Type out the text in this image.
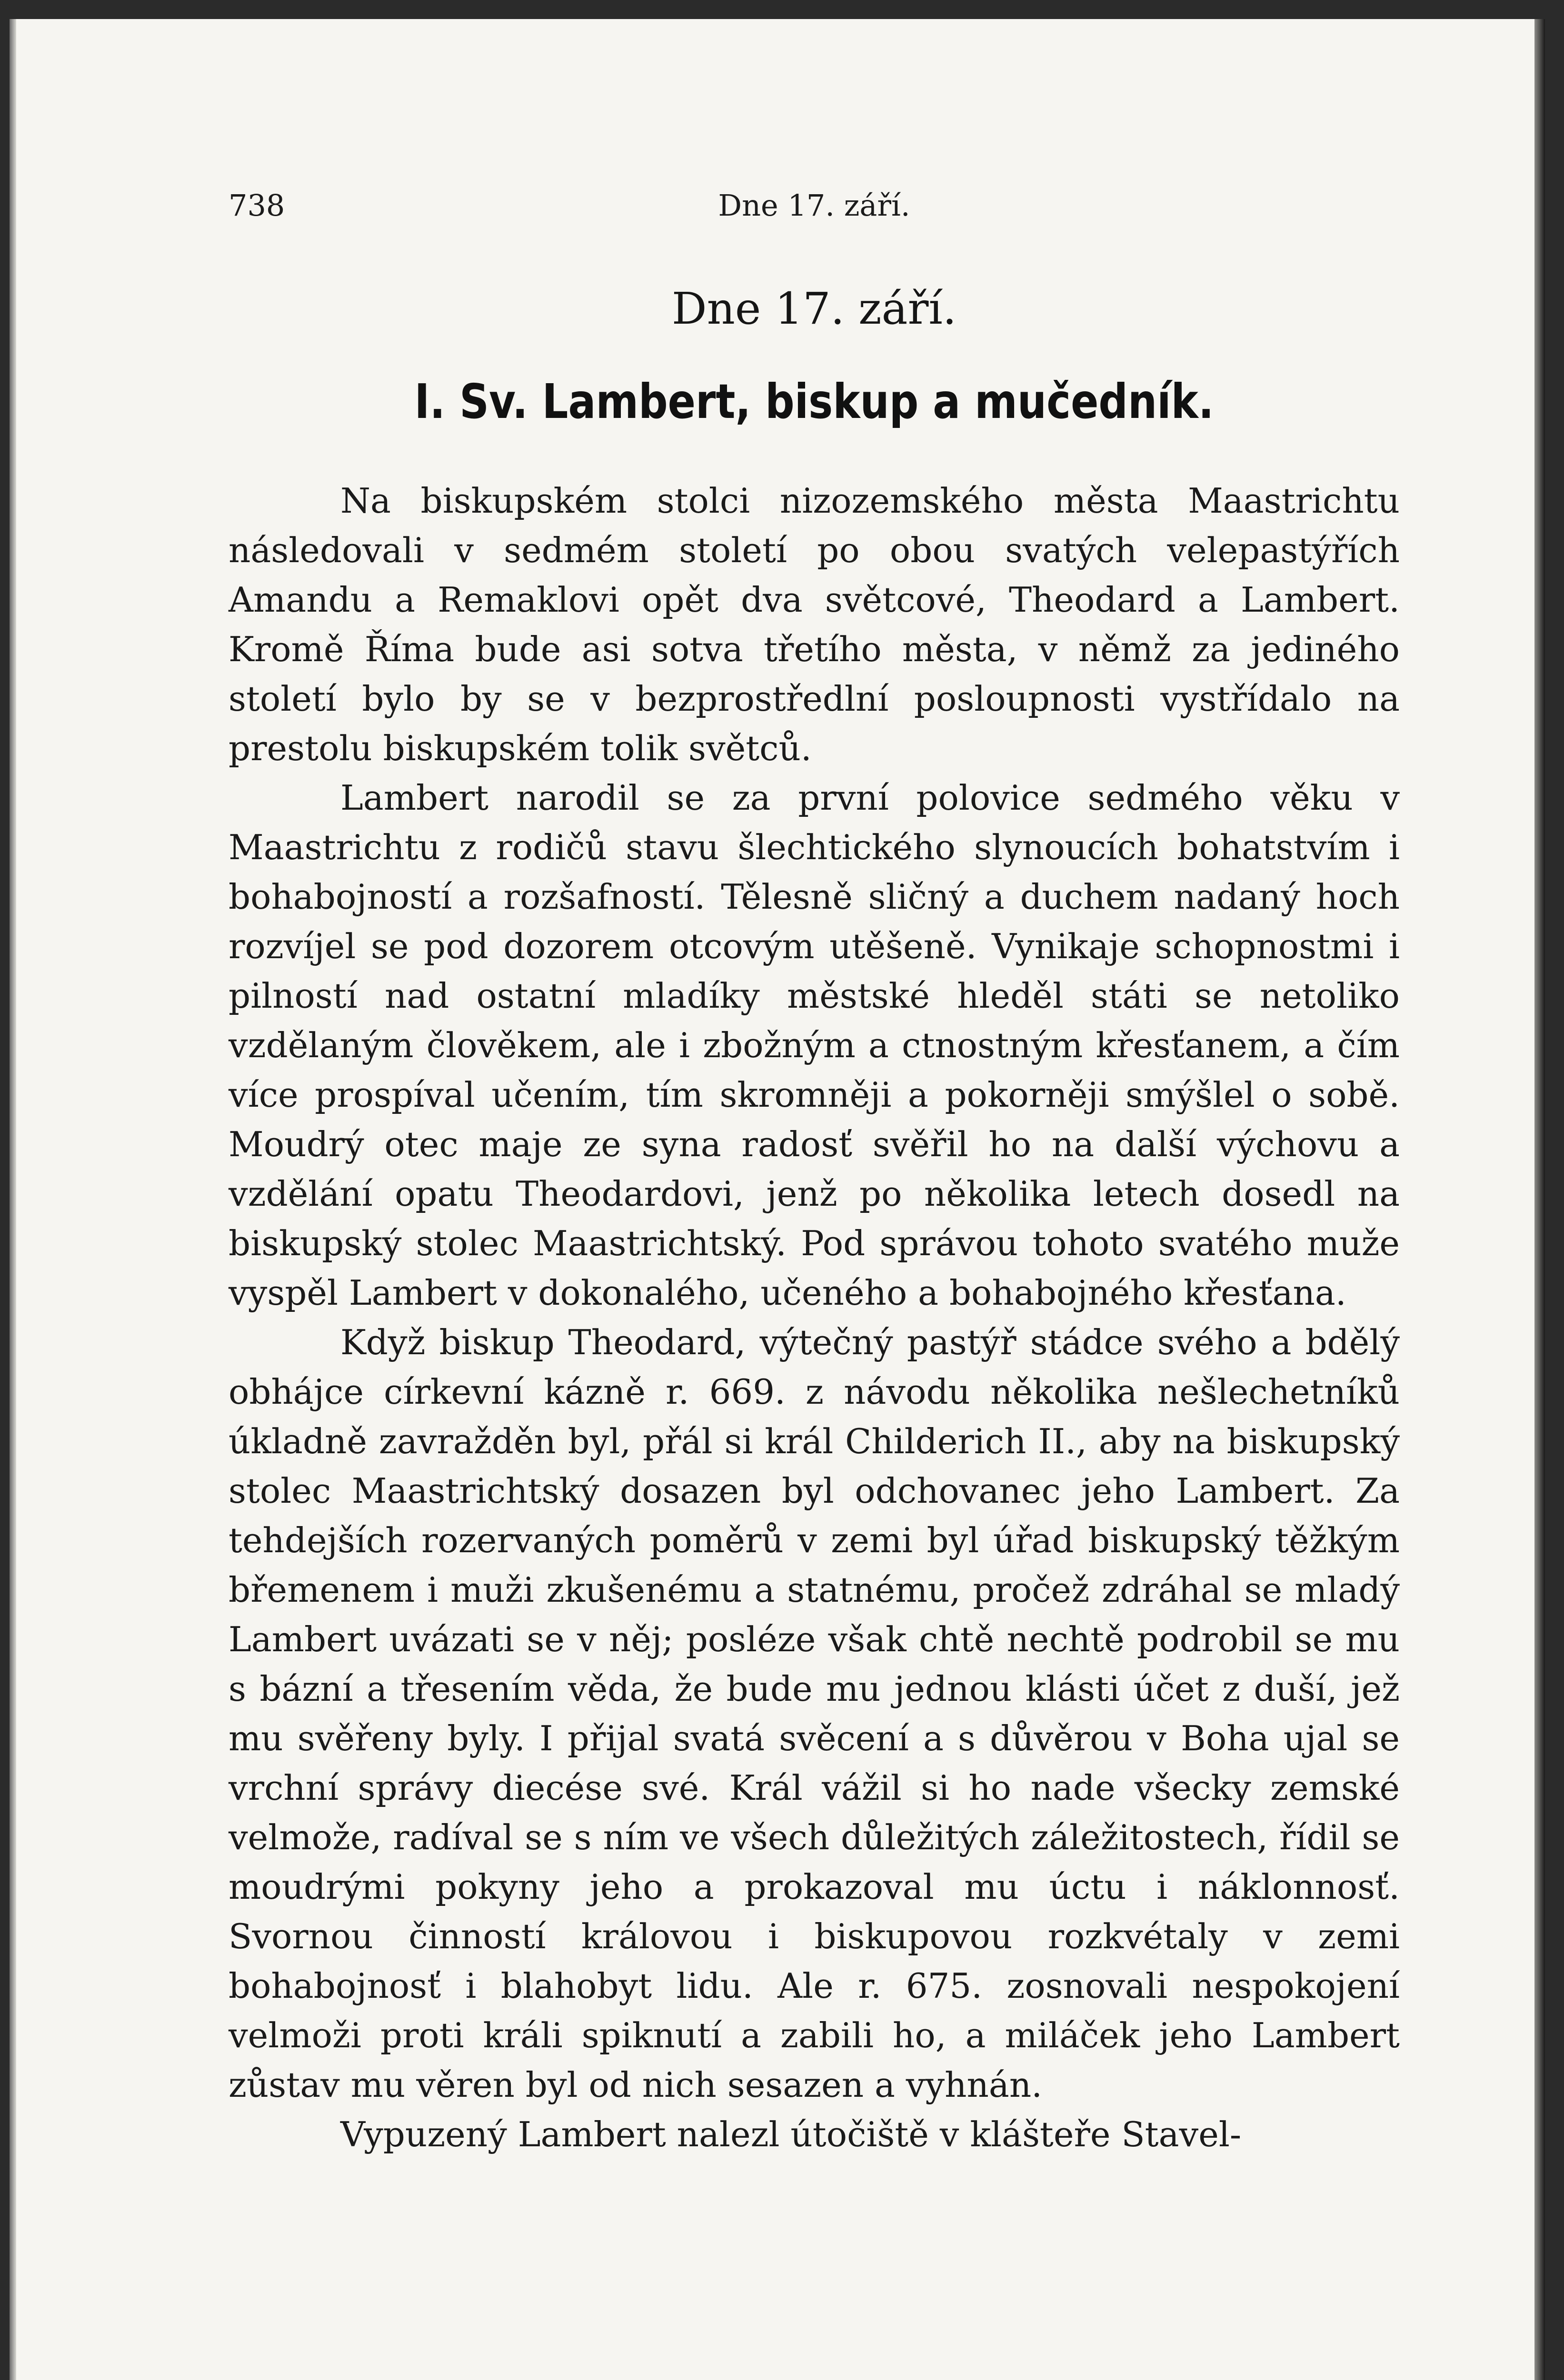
738	Dne 17. září.
Dne 17. září.
I. Sv. Lambert, biskup a mučedník.

Na biskupském stolci nizozemského města Maastrichtu následovali v sedmém století po obou svatých velepastýřích Amandu a Remaklovi opět dva světcové, Theodard a Lambert. Kromě Říma bude asi sotva třetího města, v němž za jediného století bylo by se v bezprostředlní posloupnosti vystřídalo na prestolu biskupském tolik světců.

Lambert narodil se za první polovice sedmého věku v Maastrichtu z rodičů stavu šlechtického slynoucích bohatstvím i bohabojností a rozšafností. Tělesně sličný a duchem nadaný hoch rozvíjel se pod dozorem otcovým utěšeně. Vynikaje schopnostmi i pilností nad ostatní mladíky městské hleděl státi se netoliko vzdělaným člověkem, ale i zbožným a ctnostným křesťanem, a čím více prospíval učením, tím skromněji a pokorněji smýšlel o sobě. Moudrý otec maje ze syna radosť svěřil ho na další výchovu a vzdělání opatu Theodardovi, jenž po několika letech dosedl na biskupský stolec Maastrichtský. Pod správou tohoto svatého muže vyspěl Lambert v dokonalého, učeného a bohabojného křesťana.

Když biskup Theodard, výtečný pastýř stádce svého a bdělý obhájce církevní kázně r. 669. z návodu několika nešlechetníků úkladně zavražděn byl, přál si král Childerich II., aby na biskupský stolec Maastrichtský dosazen byl odchovanec jeho Lambert. Za tehdejších rozervaných poměrů v zemi byl úřad biskupský těžkým břemenem i muži zkušenému a statnému, pročež zdráhal se mladý Lambert uvázati se v něj; posléze však chtě nechtě podrobil se mu s bázní a třesením věda, že bude mu jednou klásti účet z duší, jež mu svěřeny byly. I přijal svatá svěcení a s důvěrou v Boha ujal se vrchní správy diecése své. Král vážil si ho nade všecky zemské velmože, radíval se s ním ve všech důležitých záležitostech, řídil se moudrými pokyny jeho a prokazoval mu úctu i náklonnosť. Svornou činností královou i biskupovou rozkvétaly v zemi bohabojnosť i blahobyt lidu. Ale r. 675. zosnovali nespokojení velmoži proti králi spiknutí a zabili ho, a miláček jeho Lambert zůstav mu věren byl od nich sesazen a vyhnán.

Vypuzený Lambert nalezl útočiště v klášteře Stavel-
